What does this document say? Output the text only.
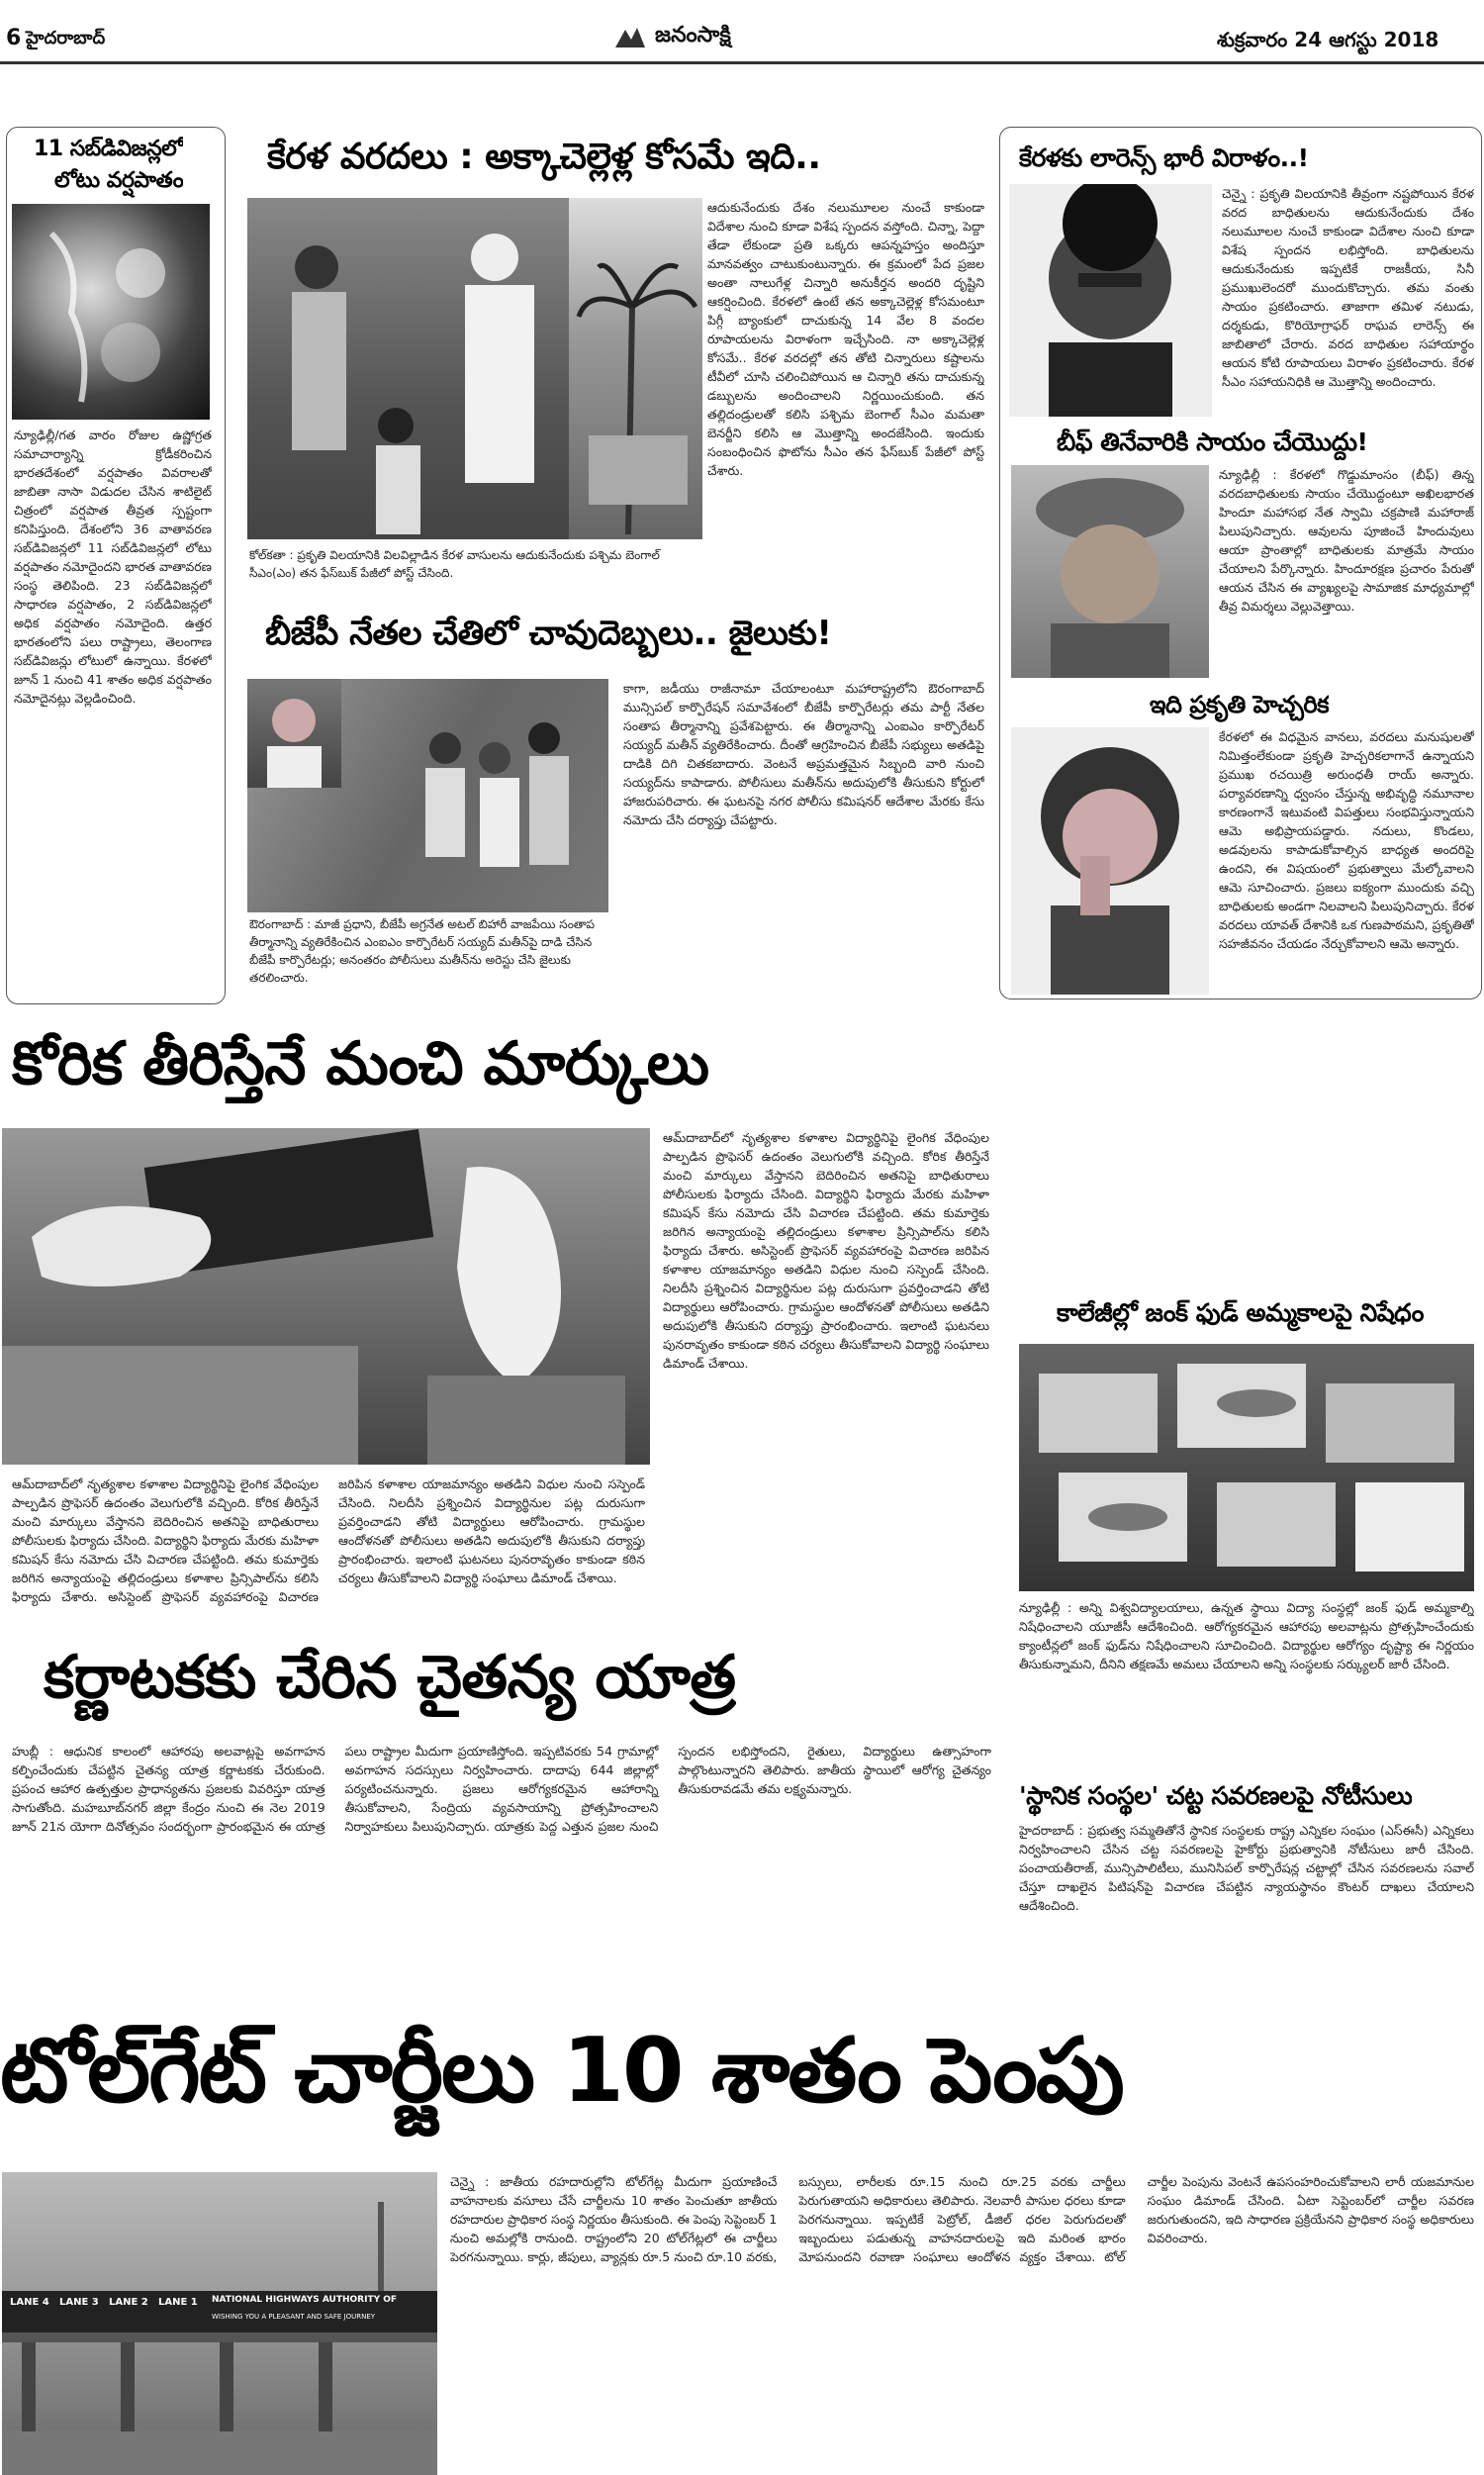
6 హైదరాబాద్	జనంసాక్షి	శుక్రవారం 24 ఆగస్టు 2018
11 సబ్‌డివిజన్లలో
లోటు వర్షపాతం
న్యూఢిల్లీ/గత వారం రోజుల ఉష్ణోగ్రత సమాచార్యాన్ని క్రోడీకరించిన భారతదేశంలో వర్షపాతం వివరాలతో జాబితా నాసా విడుదల చేసిన శాటిలైట్ చిత్రంలో వర్షపాత తీవ్రత స్పష్టంగా కనిపిస్తుంది. దేశంలోని 36 వాతావరణ సబ్‌డివిజన్లలో 11 సబ్‌డివిజన్లలో లోటు వర్షపాతం నమోదైందని భారత వాతావరణ సంస్థ తెలిపింది. 23 సబ్‌డివిజన్లలో సాధారణ వర్షపాతం, 2 సబ్‌డివిజన్లలో అధిక వర్షపాతం నమోదైంది. ఉత్తర భారతంలోని పలు రాష్ట్రాలు, తెలంగాణ సబ్‌డివిజన్లు లోటులో ఉన్నాయి. కేరళలో జూన్ 1 నుంచి 41 శాతం అధిక వర్షపాతం నమోదైనట్లు వెల్లడించింది.
కేరళ వరదలు : అక్కాచెల్లెళ్ల కోసమే ఇది..
కోల్‌కతా : ప్రకృతి విలయానికి విలవిల్లాడిన కేరళ వాసులను ఆదుకునేందుకు పశ్చిమ బెంగాల్ సీఎం(ఎం) తన ఫేస్‌బుక్ పేజీలో పోస్ట్ చేసింది.
ఆదుకునేందుకు దేశం నలుమూలల నుంచే కాకుండా విదేశాల నుంచి కూడా విశేష స్పందన వస్తోంది. చిన్నా, పెద్దా తేడా లేకుండా ప్రతి ఒక్కరు ఆపన్నహస్తం అందిస్తూ మానవత్వం చాటుకుంటున్నారు. ఈ క్రమంలో పేద ప్రజల అంతా నాలుగేళ్ల చిన్నారి అనుకీర్తన అందరి దృష్టిని ఆకర్షించింది. కేరళలో ఉంటే తన అక్కాచెల్లెళ్ల కోసమంటూ పిగ్గీ బ్యాంకులో దాచుకున్న 14 వేల 8 వందల రూపాయలను విరాళంగా ఇచ్చేసింది. నా అక్కాచెల్లెళ్ల కోసమే.. కేరళ వరదల్లో తన తోటి చిన్నారులు కష్టాలను టీవీలో చూసి చలించిపోయిన ఆ చిన్నారి తను దాచుకున్న డబ్బులను అందించాలని నిర్ణయించుకుంది. తన తల్లిదండ్రులతో కలిసి పశ్చిమ బెంగాల్ సీఎం మమతా బెనర్జీని కలిసి ఆ మొత్తాన్ని అందజేసింది. ఇందుకు సంబంధించిన ఫొటోను సీఎం తన ఫేస్‌బుక్ పేజీలో పోస్ట్ చేశారు.
బీజేపీ నేతల చేతిలో చావుదెబ్బలు.. జైలుకు!
ఔరంగాబాద్ : మాజీ ప్రధాని, బీజేపీ అగ్రనేత అటల్ బిహారీ వాజపేయి సంతాప తీర్మానాన్ని వ్యతిరేకించిన ఎంఐఎం కార్పొరేటర్ సయ్యద్ మతీన్‌పై దాడి చేసిన బీజేపీ కార్పొరేటర్లు; అనంతరం పోలీసులు మతీన్‌ను అరెస్టు చేసి జైలుకు తరలించారు.
కాగా, జడీయు రాజీనామా చేయాలంటూ మహారాష్ట్రలోని ఔరంగాబాద్ మున్సిపల్ కార్పొరేషన్ సమావేశంలో బీజేపీ కార్పొరేటర్లు తమ పార్టీ నేతల సంతాప తీర్మానాన్ని ప్రవేశపెట్టారు. ఈ తీర్మానాన్ని ఎంఐఎం కార్పొరేటర్ సయ్యద్ మతీన్ వ్యతిరేకించారు. దీంతో ఆగ్రహించిన బీజేపీ సభ్యులు అతడిపై దాడికి దిగి చితకబాదారు. వెంటనే అప్రమత్తమైన సిబ్బంది వారి నుంచి సయ్యద్‌ను కాపాడారు. పోలీసులు మతీన్‌ను అదుపులోకి తీసుకుని కోర్టులో హాజరుపరిచారు. ఈ ఘటనపై నగర పోలీసు కమిషనర్ ఆదేశాల మేరకు కేసు నమోదు చేసి దర్యాప్తు చేపట్టారు.
కేరళకు లారెన్స్ భారీ విరాళం..!
చెన్నై : ప్రకృతి విలయానికి తీవ్రంగా నష్టపోయిన కేరళ వరద బాధితులను ఆదుకునేందుకు దేశం నలుమూలల నుంచే కాకుండా విదేశాల నుంచి కూడా విశేష స్పందన లభిస్తోంది. బాధితులను ఆదుకునేందుకు ఇప్పటికే రాజకీయ, సినీ ప్రముఖులెందరో ముందుకొచ్చారు. తమ వంతు సాయం ప్రకటించారు. తాజాగా తమిళ నటుడు, దర్శకుడు, కొరియోగ్రాఫర్ రాఘవ లారెన్స్ ఈ జాబితాలో చేరారు. వరద బాధితుల సహాయార్థం ఆయన కోటి రూపాయలు విరాళం ప్రకటించారు. కేరళ సీఎం సహాయనిధికి ఆ మొత్తాన్ని అందించారు.
బీఫ్ తినేవారికి సాయం చేయొద్దు!
న్యూఢిల్లీ : కేరళలో గొడ్డుమాంసం (బీఫ్) తిన్న వరదబాధితులకు సాయం చేయొద్దంటూ అఖిలభారత హిందూ మహాసభ నేత స్వామి చక్రపాణి మహారాజ్ పిలుపునిచ్చారు. ఆవులను పూజించే హిందువులు ఆయా ప్రాంతాల్లో బాధితులకు మాత్రమే సాయం చేయాలని పేర్కొన్నారు. హిందూరక్షణ ప్రచారం పేరుతో ఆయన చేసిన ఈ వ్యాఖ్యలపై సామాజిక మాధ్యమాల్లో తీవ్ర విమర్శలు వెల్లువెత్తాయి.
ఇది ప్రకృతి హెచ్చరిక
కేరళలో ఈ విధమైన వానలు, వరదలు మనుషులతో నిమిత్తంలేకుండా ప్రకృతి హెచ్చరికలాగానే ఉన్నాయని ప్రముఖ రచయిత్రి అరుంధతీ రాయ్ అన్నారు. పర్యావరణాన్ని ధ్వంసం చేస్తున్న అభివృద్ధి నమూనాల కారణంగానే ఇటువంటి విపత్తులు సంభవిస్తున్నాయని ఆమె అభిప్రాయపడ్డారు. నదులు, కొండలు, అడవులను కాపాడుకోవాల్సిన బాధ్యత అందరిపై ఉందని, ఈ విషయంలో ప్రభుత్వాలు మేల్కోవాలని ఆమె సూచించారు. ప్రజలు ఐక్యంగా ముందుకు వచ్చి బాధితులకు అండగా నిలవాలని పిలుపునిచ్చారు. కేరళ వరదలు యావత్ దేశానికి ఒక గుణపాఠమని, ప్రకృతితో సహజీవనం చేయడం నేర్చుకోవాలని ఆమె అన్నారు.
కోరిక తీరిస్తేనే మంచి మార్కులు
ఆమ్‌దాబాద్‌లో నృత్యశాల కళాశాల విద్యార్థినిపై లైంగిక వేధింపుల పాల్పడిన ప్రొఫెసర్‌ ఉదంతం వెలుగులోకి వచ్చింది. కోరిక తీరిస్తేనే మంచి మార్కులు వేస్తానని బెదిరించిన అతనిపై బాధితురాలు పోలీసులకు ఫిర్యాదు చేసింది. విద్యార్థిని ఫిర్యాదు మేరకు మహిళా కమిషన్ కేసు నమోదు చేసి విచారణ చేపట్టింది. తమ కుమార్తెకు జరిగిన అన్యాయంపై తల్లిదండ్రులు కళాశాల ప్రిన్సిపాల్‌ను కలిసి ఫిర్యాదు చేశారు. అసిస్టెంట్ ప్రొఫెసర్ వ్యవహారంపై విచారణ జరిపిన కళాశాల యాజమాన్యం అతడిని విధుల నుంచి సస్పెండ్ చేసింది. నిలదీసి ప్రశ్నించిన విద్యార్థినుల పట్ల దురుసుగా ప్రవర్తించాడని తోటి విద్యార్థులు ఆరోపించారు. గ్రామస్థుల ఆందోళనతో పోలీసులు అతడిని అదుపులోకి తీసుకుని దర్యాప్తు ప్రారంభించారు. ఇలాంటి ఘటనలు పునరావృతం కాకుండా కఠిన చర్యలు తీసుకోవాలని విద్యార్థి సంఘాలు డిమాండ్ చేశాయి.
కాలేజీల్లో జంక్ ఫుడ్ అమ్మకాలపై నిషేధం
న్యూఢిల్లీ : అన్ని విశ్వవిద్యాలయాలు, ఉన్నత స్థాయి విద్యా సంస్థల్లో జంక్ ఫుడ్ అమ్మకాల్ని నిషేధించాలని యూజీసీ ఆదేశించింది. ఆరోగ్యకరమైన ఆహారపు అలవాట్లను ప్రోత్సహించేందుకు క్యాంటీన్లలో జంక్ ఫుడ్‌ను నిషేధించాలని సూచించింది. విద్యార్థుల ఆరోగ్యం దృష్ట్యా ఈ నిర్ణయం తీసుకున్నామని, దీనిని తక్షణమే అమలు చేయాలని అన్ని సంస్థలకు సర్క్యులర్ జారీ చేసింది.
'స్థానిక సంస్థల' చట్ట సవరణలపై నోటీసులు
హైదరాబాద్ : ప్రభుత్వ సమ్మతితోనే స్థానిక సంస్థలకు రాష్ట్ర ఎన్నికల సంఘం (ఎస్ఈసీ) ఎన్నికలు నిర్వహించాలని చేసిన చట్ట సవరణలపై హైకోర్టు ప్రభుత్వానికి నోటీసులు జారీ చేసింది. పంచాయతీరాజ్, మున్సిపాలిటీలు, మునిసిపల్ కార్పొరేషన్ల చట్టాల్లో చేసిన సవరణలను సవాల్ చేస్తూ దాఖలైన పిటిషన్‌పై విచారణ చేపట్టిన న్యాయస్థానం కౌంటర్ దాఖలు చేయాలని ఆదేశించింది.
ఆమ్‌దాబాద్‌లో నృత్యశాల కళాశాల విద్యార్థినిపై లైంగిక వేధింపుల పాల్పడిన ప్రొఫెసర్‌ ఉదంతం వెలుగులోకి వచ్చింది. కోరిక తీరిస్తేనే మంచి మార్కులు వేస్తానని బెదిరించిన అతనిపై బాధితురాలు పోలీసులకు ఫిర్యాదు చేసింది. విద్యార్థిని ఫిర్యాదు మేరకు మహిళా కమిషన్ కేసు నమోదు చేసి విచారణ చేపట్టింది. తమ కుమార్తెకు జరిగిన అన్యాయంపై తల్లిదండ్రులు కళాశాల ప్రిన్సిపాల్‌ను కలిసి ఫిర్యాదు చేశారు. అసిస్టెంట్ ప్రొఫెసర్ వ్యవహారంపై విచారణ జరిపిన కళాశాల యాజమాన్యం అతడిని విధుల నుంచి సస్పెండ్ చేసింది. నిలదీసి ప్రశ్నించిన విద్యార్థినుల పట్ల దురుసుగా ప్రవర్తించాడని తోటి విద్యార్థులు ఆరోపించారు. గ్రామస్థుల ఆందోళనతో పోలీసులు అతడిని అదుపులోకి తీసుకుని దర్యాప్తు ప్రారంభించారు. ఇలాంటి ఘటనలు పునరావృతం కాకుండా కఠిన చర్యలు తీసుకోవాలని విద్యార్థి సంఘాలు డిమాండ్ చేశాయి.
కర్ణాటకకు చేరిన చైతన్య యాత్ర
హుబ్లీ : ఆధునిక కాలంలో ఆహారపు అలవాట్లపై అవగాహన కల్పించేందుకు చేపట్టిన చైతన్య యాత్ర కర్ణాటకకు చేరుకుంది. ప్రపంచ ఆహార ఉత్పత్తుల ప్రాధాన్యతను ప్రజలకు వివరిస్తూ యాత్ర సాగుతోంది. మహబూబ్‌నగర్ జిల్లా కేంద్రం నుంచి ఈ నెల 2019 జూన్ 21న యోగా దినోత్సవం సందర్భంగా ప్రారంభమైన ఈ యాత్ర పలు రాష్ట్రాల మీదుగా ప్రయాణిస్తోంది. ఇప్పటివరకు 54 గ్రామాల్లో అవగాహన సదస్సులు నిర్వహించారు. దాదాపు 644 జిల్లాల్లో పర్యటించనున్నారు. ప్రజలు ఆరోగ్యకరమైన ఆహారాన్ని తీసుకోవాలని, సేంద్రియ వ్యవసాయాన్ని ప్రోత్సహించాలని నిర్వాహకులు పిలుపునిచ్చారు. యాత్రకు పెద్ద ఎత్తున ప్రజల నుంచి స్పందన లభిస్తోందని, రైతులు, విద్యార్థులు ఉత్సాహంగా పాల్గొంటున్నారని తెలిపారు. జాతీయ స్థాయిలో ఆరోగ్య చైతన్యం తీసుకురావడమే తమ లక్ష్యమన్నారు.
టోల్‌గేట్ చార్జీలు 10 శాతం పెంపు
LANE 4 LANE 3 LANE 2 LANE 1 NATIONAL HIGHWAYS AUTHORITY OF
WISHING YOU A PLEASANT AND SAFE JOURNEY
చెన్నై : జాతీయ రహదారుల్లోని టోల్‌గేట్ల మీదుగా ప్రయాణించే వాహనాలకు వసూలు చేసే చార్జీలను 10 శాతం పెంచుతూ జాతీయ రహదారుల ప్రాధికార సంస్థ నిర్ణయం తీసుకుంది. ఈ పెంపు సెప్టెంబర్ 1 నుంచి అమల్లోకి రానుంది. రాష్ట్రంలోని 20 టోల్‌గేట్లలో ఈ చార్జీలు పెరగనున్నాయి. కార్లు, జీపులు, వ్యాన్లకు రూ.5 నుంచి రూ.10 వరకు, బస్సులు, లారీలకు రూ.15 నుంచి రూ.25 వరకు చార్జీలు పెరుగుతాయని అధికారులు తెలిపారు. నెలవారీ పాసుల ధరలు కూడా పెరగనున్నాయి. ఇప్పటికే పెట్రోల్, డీజిల్ ధరల పెరుగుదలతో ఇబ్బందులు పడుతున్న వాహనదారులపై ఇది మరింత భారం మోపనుందని రవాణా సంఘాలు ఆందోళన వ్యక్తం చేశాయి. టోల్ చార్జీల పెంపును వెంటనే ఉపసంహరించుకోవాలని లారీ యజమానుల సంఘం డిమాండ్ చేసింది. ఏటా సెప్టెంబర్‌లో చార్జీల సవరణ జరుగుతుందని, ఇది సాధారణ ప్రక్రియేనని ప్రాధికార సంస్థ అధికారులు వివరించారు.
